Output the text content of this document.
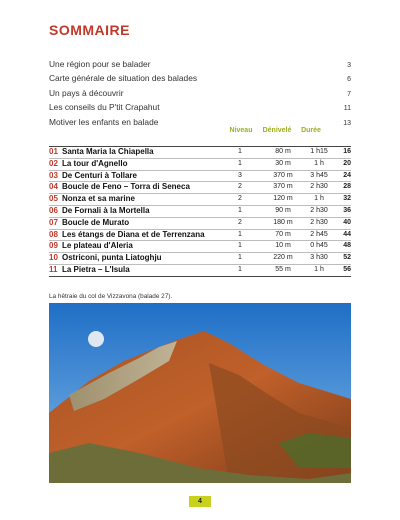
SOMMAIRE
Une région pour se balader	3
Carte générale de situation des balades	6
Un pays à découvrir	7
Les conseils du P'tit Crapahut	11
Motiver les enfants en balade	13
Niveau	Dénivelé	Durée
01 Santa Maria la Chiapella	1	80 m	1 h15	16
02 La tour d'Agnello	1	30 m	1 h	20
03 De Centuri à Tollare	3	370 m	3 h45	24
04 Boucle de Feno – Torra di Seneca	2	370 m	2 h30	28
05 Nonza et sa marine	2	120 m	1 h	32
06 De Fornali à la Mortella	1	90 m	2 h30	36
07 Boucle de Murato	2	180 m	2 h30	40
08 Les étangs de Diana et de Terrenzana	1	70 m	2 h45	44
09 Le plateau d'Aleria	1	10 m	0 h45	48
10 Ostriconi, punta Liatoghju	1	220 m	3 h30	52
11 La Pietra – L'Isula	1	55 m	1 h	56

La hêtraie du col de Vizzavona (balade 27).

4
